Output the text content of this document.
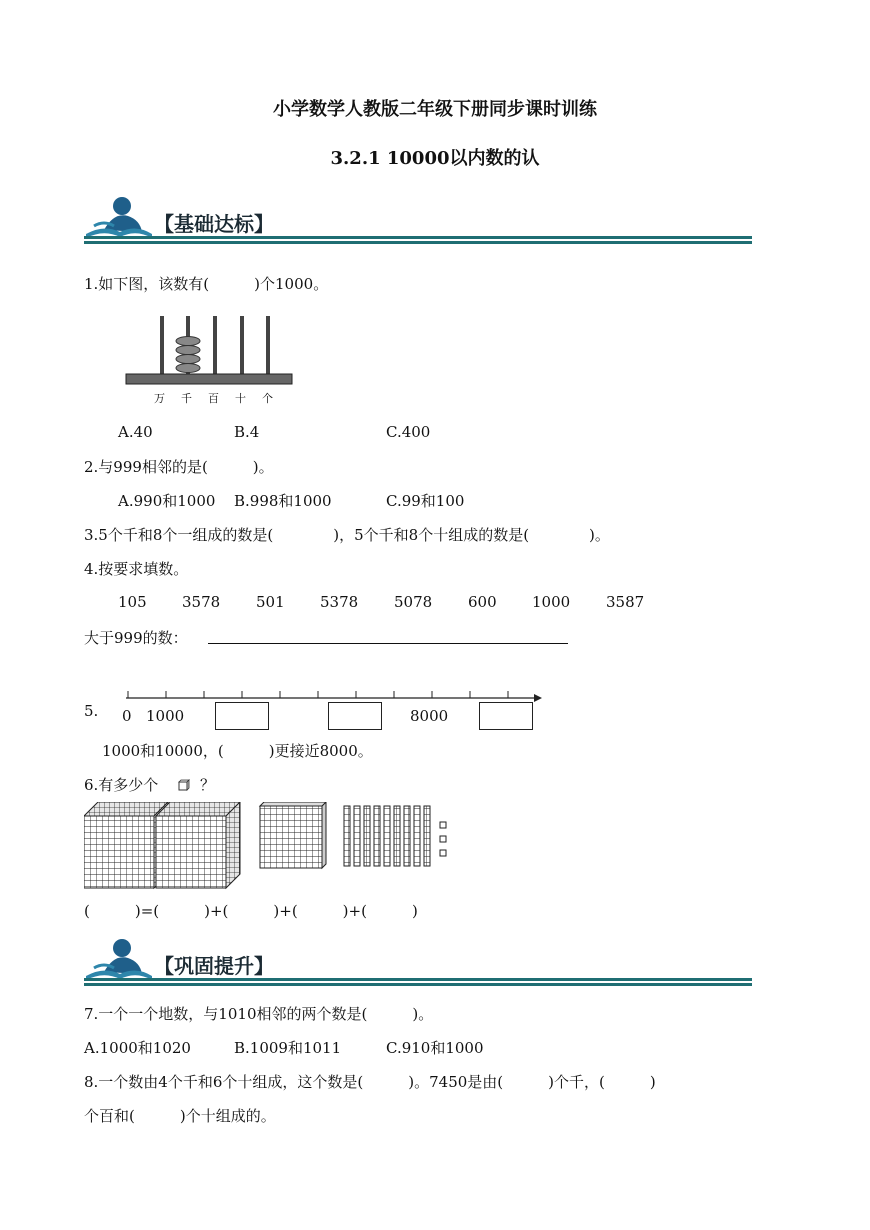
小学数学人教版二年级下册同步课时训练
3.2.1 10000以内数的认
【基础达标】
1.如下图，该数有(　　　)个1000。
万 千 百 十 个
A.40	B.4	C.400
2.与999相邻的是(　　　)。
A.990和1000 B.998和1000	C.99和100
3.5个千和8个一组成的数是(　　　　)，5个千和8个十组成的数是(　　　　)。
4.按要求填数。
105 3578 501 5378 5078 600 1000 3587
大于999的数：
5. 0 1000	8000
1000和10000，(　　　)更接近8000。
6.有多少个	？
(　　　)=(　　　)+(　　　)+(　　　)+(　　　)
【巩固提升】
7.一个一个地数，与1010相邻的两个数是(　　　)。
A.1000和1020	B.1009和1011	C.910和1000
8.一个数由4个千和6个十组成，这个数是(　　　)。7450是由(　　　)个千，(　　　)
个百和(　　　)个十组成的。
